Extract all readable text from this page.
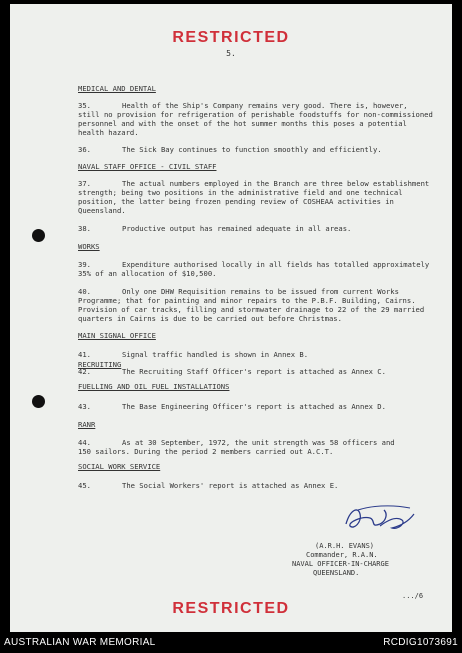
RESTRICTED
5.
MEDICAL AND DENTAL
35.	Health of the Ship's Company remains very good. There is, however,
still no provision for refrigeration of perishable foodstuffs for non-commissioned
personnel and with the onset of the hot summer months this poses a potential
health hazard.
36.	The Sick Bay continues to function smoothly and efficiently.
NAVAL STAFF OFFICE - CIVIL STAFF
37.	The actual numbers employed in the Branch are three below establishment
strength; being two positions in the administrative field and one technical
position, the latter being frozen pending review of COSHEAA activities in
Queensland.
38.	Productive output has remained adequate in all areas.
WORKS
39.	Expenditure authorised locally in all fields has totalled approximately
35% of an allocation of $10,500.
40.	Only one DHW Requisition remains to be issued from current Works
Programme; that for painting and minor repairs to the P.B.F. Building, Cairns.
Provision of car tracks, filling and stormwater drainage to 22 of the 29 married
quarters in Cairns is due to be carried out before Christmas.
MAIN SIGNAL OFFICE
41.	Signal traffic handled is shown in Annex B.
RECRUITING
42.	The Recruiting Staff Officer's report is attached as Annex C.
FUELLING AND OIL FUEL INSTALLATIONS
43.	The Base Engineering Officer's report is attached as Annex D.
RANR
44.	As at 30 September, 1972, the unit strength was 58 officers and
150 sailors. During the period 2 members carried out A.C.T.
SOCIAL WORK SERVICE
45.	The Social Workers' report is attached as Annex E.
(A.R.H. EVANS)
Commander, R.A.N.
NAVAL OFFICER-IN-CHARGE
QUEENSLAND.
.../6
RESTRICTED
AUSTRALIAN WAR MEMORIAL	RCDIG1073691
